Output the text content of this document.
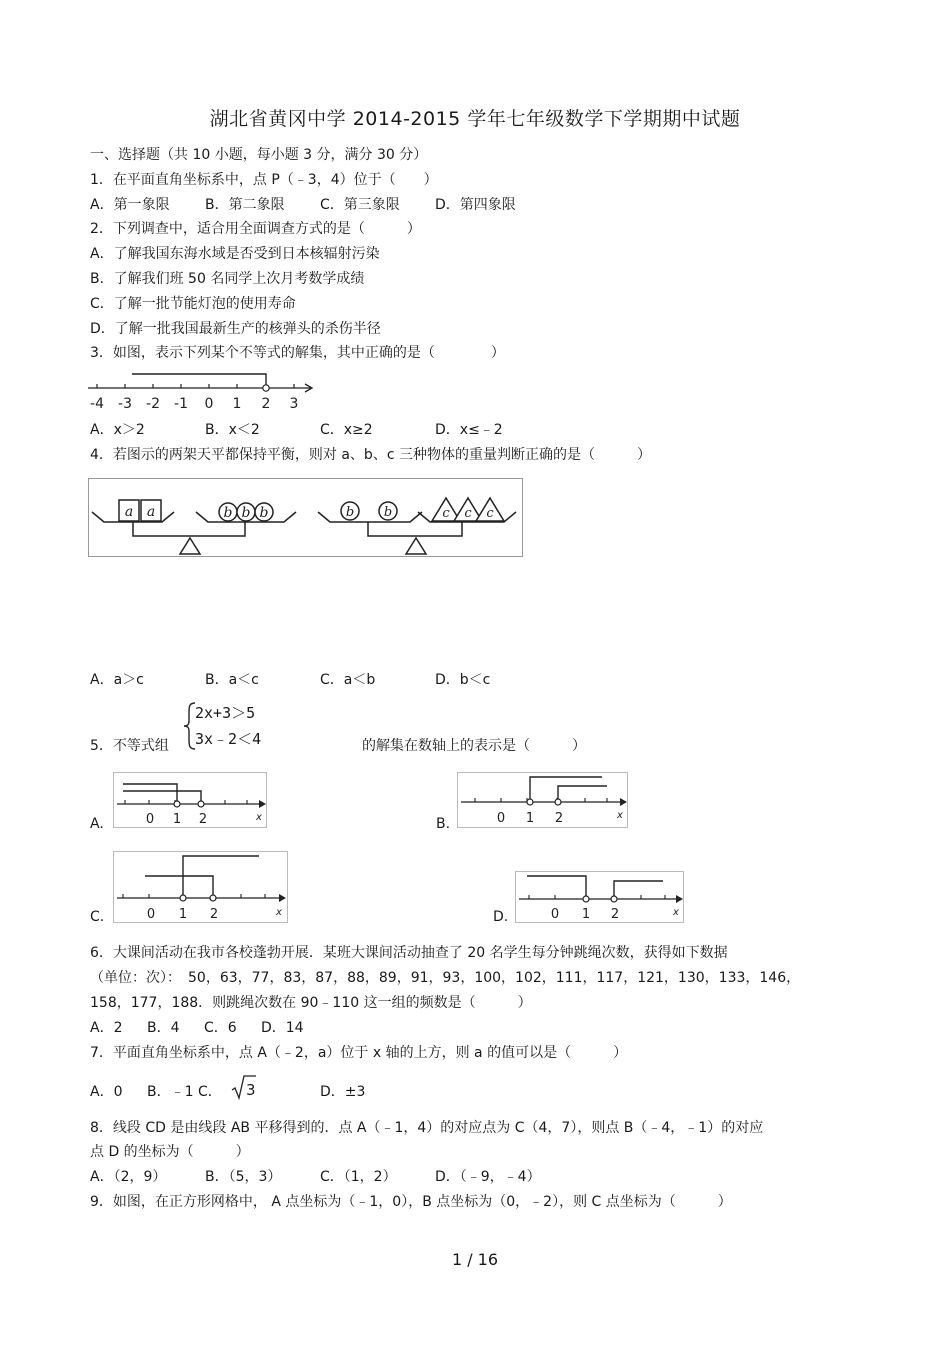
湖北省黄冈中学 2014-2015 学年七年级数学下学期期中试题
一、选择题（共 10 小题，每小题 3 分，满分 30 分）
1．在平面直角坐标系中，点 P（﹣3，4）位于（　　）
A．第一象限	B．第二象限	C．第三象限	D．第四象限
2．下列调查中，适合用全面调查方式的是（　　　）
A．了解我国东海水域是否受到日本核辐射污染
B．了解我们班 50 名同学上次月考数学成绩
C．了解一批节能灯泡的使用寿命
D．了解一批我国最新生产的核弹头的杀伤半径
3．如图，表示下列某个不等式的解集，其中正确的是（　　　　）
-4 -3 -2 -1 0 1 2 3
A．x＞2	B．x＜2	C．x≥2	D．x≤﹣2
4．若图示的两架天平都保持平衡，则对 a、b、c 三种物体的重量判断正确的是（　　　）
a a	b b b	b b	c c c
A．a＞c	B．a＜c	C．a＜b	D．b＜c
5．不等式组
2x+3＞5
3x﹣2＜4	的解集在数轴上的表示是（　　　）
A.	0 1 2	x	B.	0 1 2	x
C.	0 1 2	x	D.	0 1 2	x
6．大课间活动在我市各校蓬勃开展．某班大课间活动抽查了 20 名学生每分钟跳绳次数，获得如下数据
（单位：次）：　50，63，77，83，87，88，89，91，93，100，102，111，117，121，130，133，146，
158，177，188．则跳绳次数在 90﹣110 这一组的频数是（　　　）
A．2 B．4 C．6 D．14
7．平面直角坐标系中，点 A（﹣2，a）位于 x 轴的上方，则 a 的值可以是（　　　）
A．0 B．﹣1 C． 3	D．±3
8．线段 CD 是由线段 AB 平移得到的．点 A（﹣1，4）的对应点为 C（4，7），则点 B（﹣4，﹣1）的对应
点 D 的坐标为（　　　）
A．（2，9）	B．（5，3）	C．（1，2）	D．（﹣9，﹣4）
9．如图，在正方形网格中， A 点坐标为（﹣1，0），B 点坐标为（0，﹣2），则 C 点坐标为（　　　）
1 / 16
